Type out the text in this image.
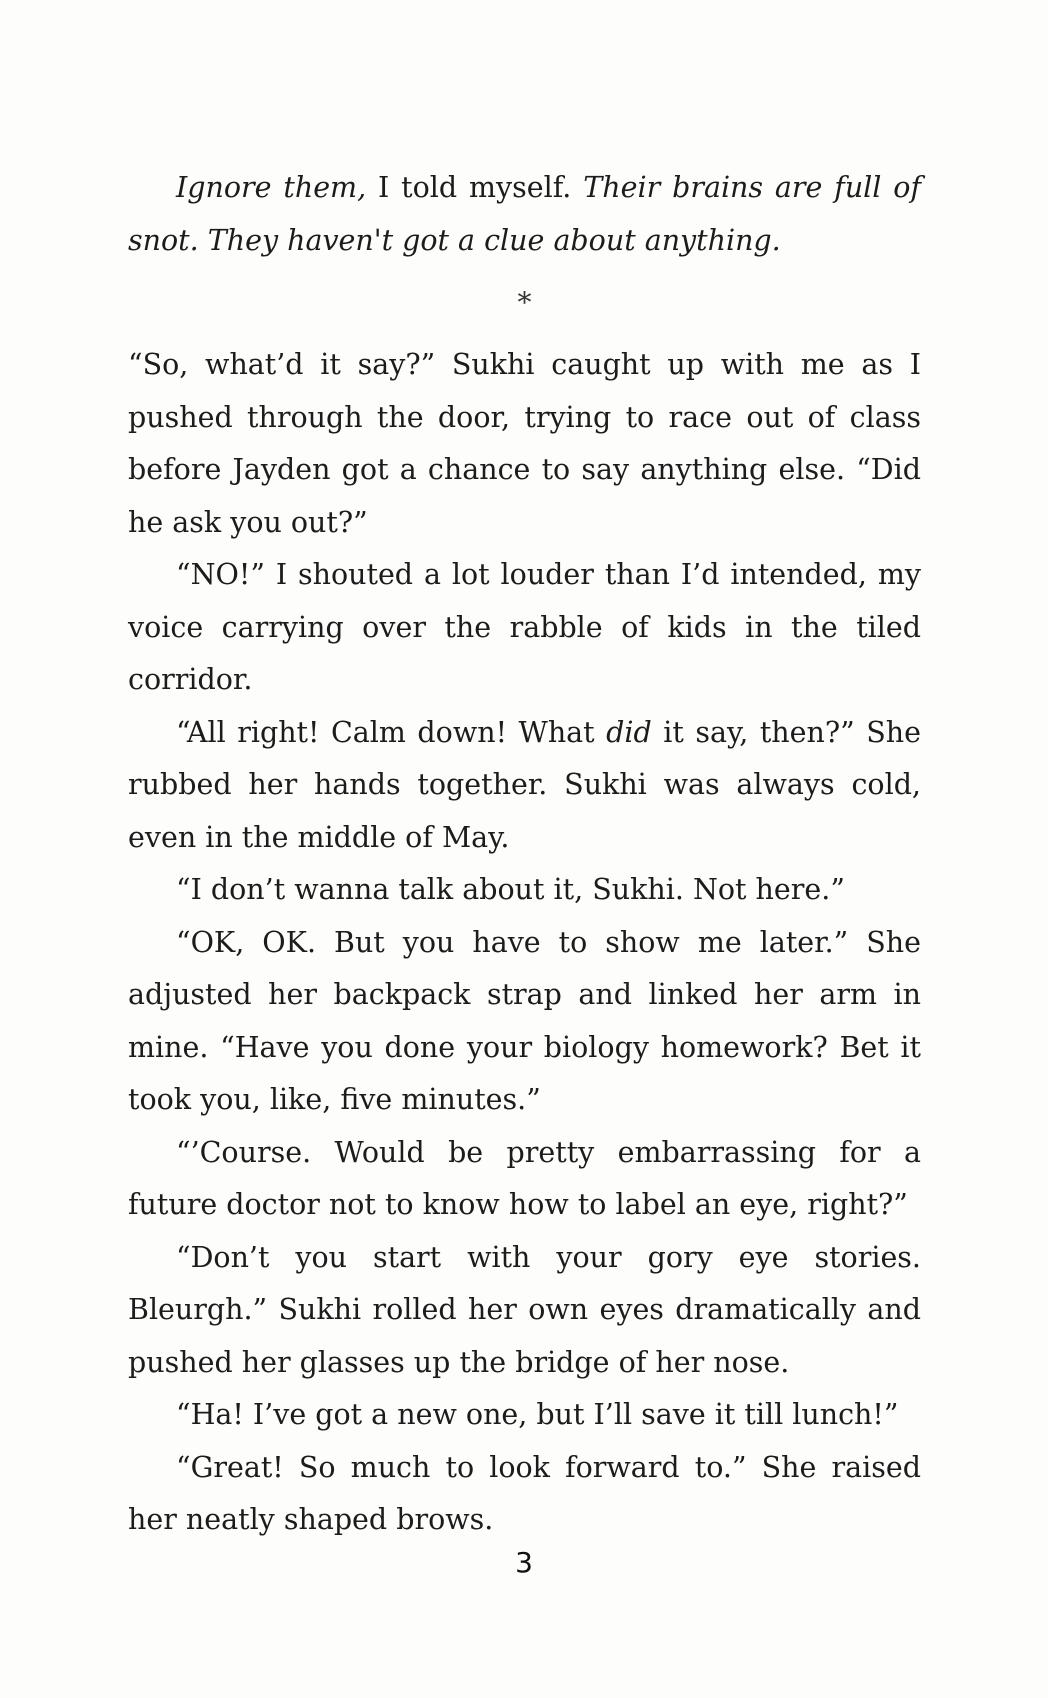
Ignore them, I told myself. Their brains are full of snot. They haven't got a clue about anything.

*

“So, what’d it say?” Sukhi caught up with me as I pushed through the door, trying to race out of class before Jayden got a chance to say anything else. “Did he ask you out?”

“NO!” I shouted a lot louder than I’d intended, my voice carrying over the rabble of kids in the tiled corridor.

“All right! Calm down! What did it say, then?” She rubbed her hands together. Sukhi was always cold, even in the middle of May.

“I don’t wanna talk about it, Sukhi. Not here.”

“OK, OK. But you have to show me later.” She adjusted her backpack strap and linked her arm in mine. “Have you done your biology homework? Bet it took you, like, five minutes.”

“’Course. Would be pretty embarrassing for a future doctor not to know how to label an eye, right?”

“Don’t you start with your gory eye stories. Bleurgh.” Sukhi rolled her own eyes dramatically and pushed her glasses up the bridge of her nose.

“Ha! I’ve got a new one, but I’ll save it till lunch!”

“Great! So much to look forward to.” She raised her neatly shaped brows.

3
